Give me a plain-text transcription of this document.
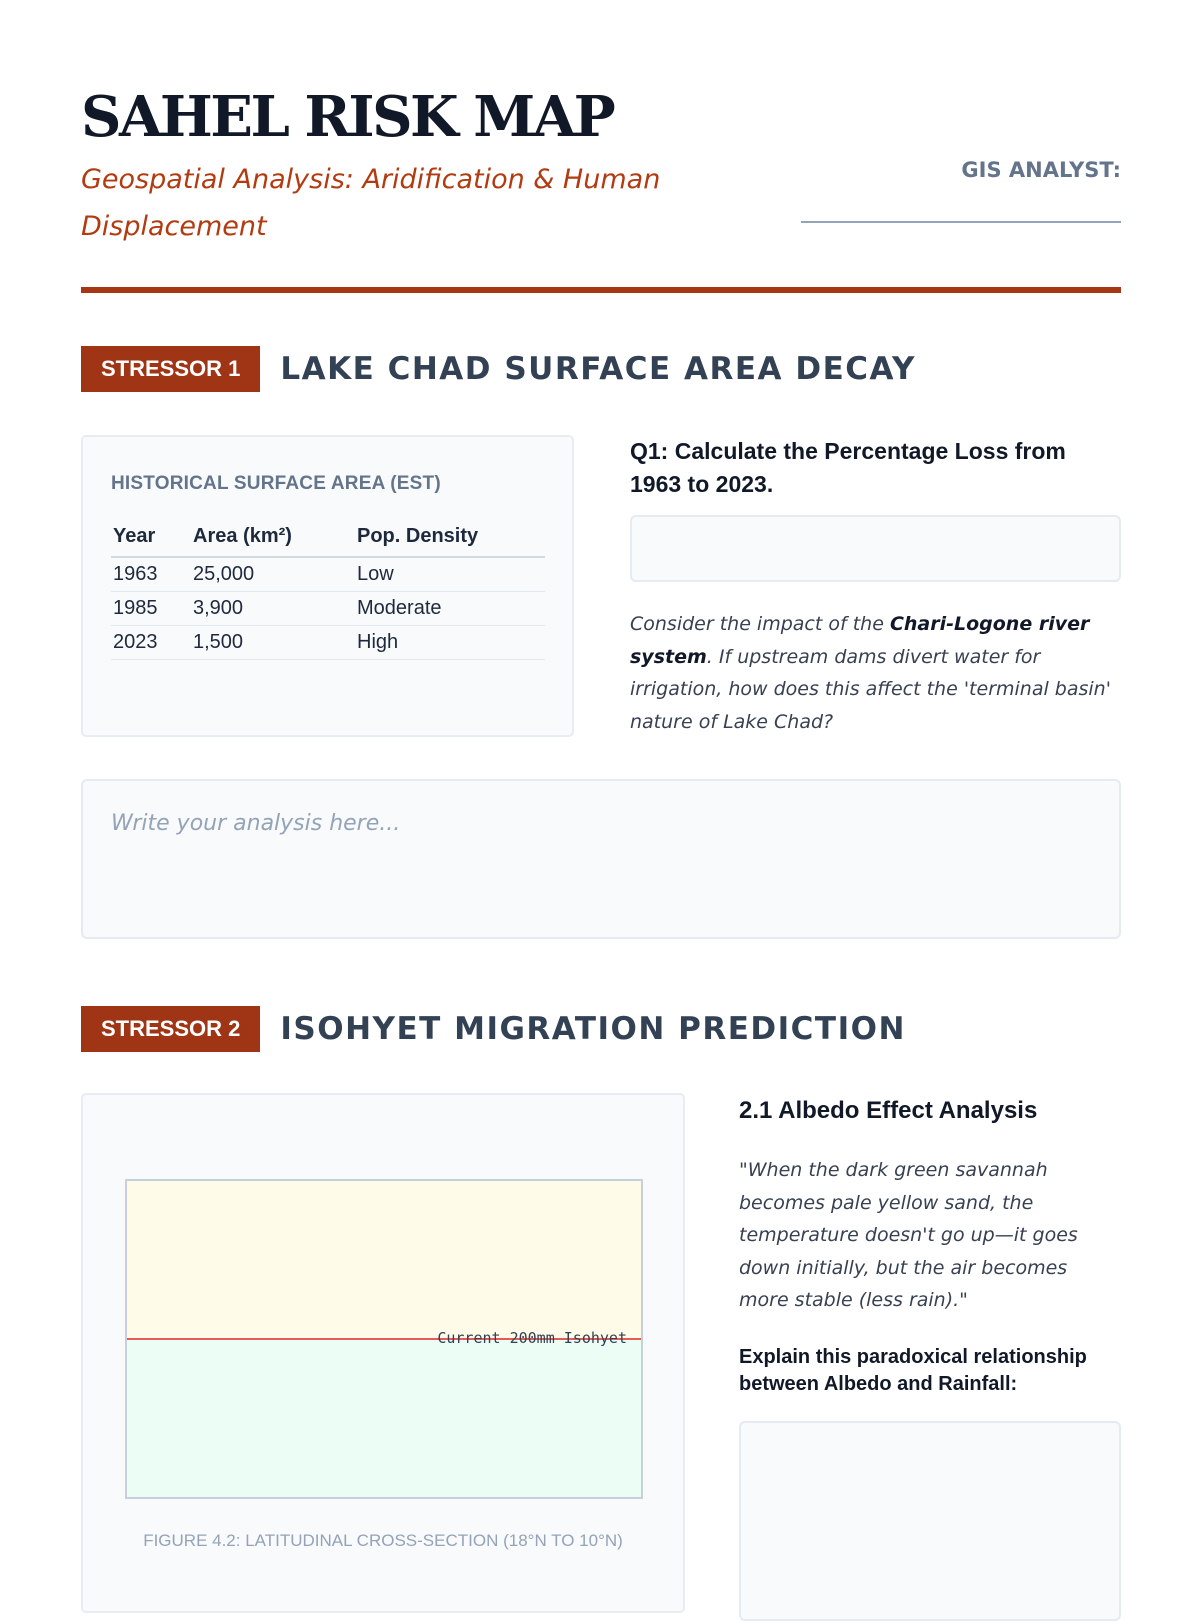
SAHEL RISK MAP

Geospatial Analysis: Aridification & Human Displacement

GIS ANALYST:
STRESSOR 1	LAKE CHAD SURFACE AREA DECAY
HISTORICAL SURFACE AREA (EST)
Year	Area (km²)	Pop. Density
1963	25,000	Low
1985	3,900	Moderate
2023	1,500	High

Q1: Calculate the Percentage Loss from 1963 to 2023.

Consider the impact of the Chari-Logone river system. If upstream dams divert water for irrigation, how does this affect the 'terminal basin' nature of Lake Chad?

Write your analysis here...
STRESSOR 2	ISOHYET MIGRATION PREDICTION
Current 200mm Isohyet
FIGURE 4.2: LATITUDINAL CROSS-SECTION (18°N TO 10°N)
2.1 Albedo Effect Analysis

"When the dark green savannah becomes pale yellow sand, the temperature doesn't go up—it goes down initially, but the air becomes more stable (less rain)."

Explain this paradoxical relationship between Albedo and Rainfall:
